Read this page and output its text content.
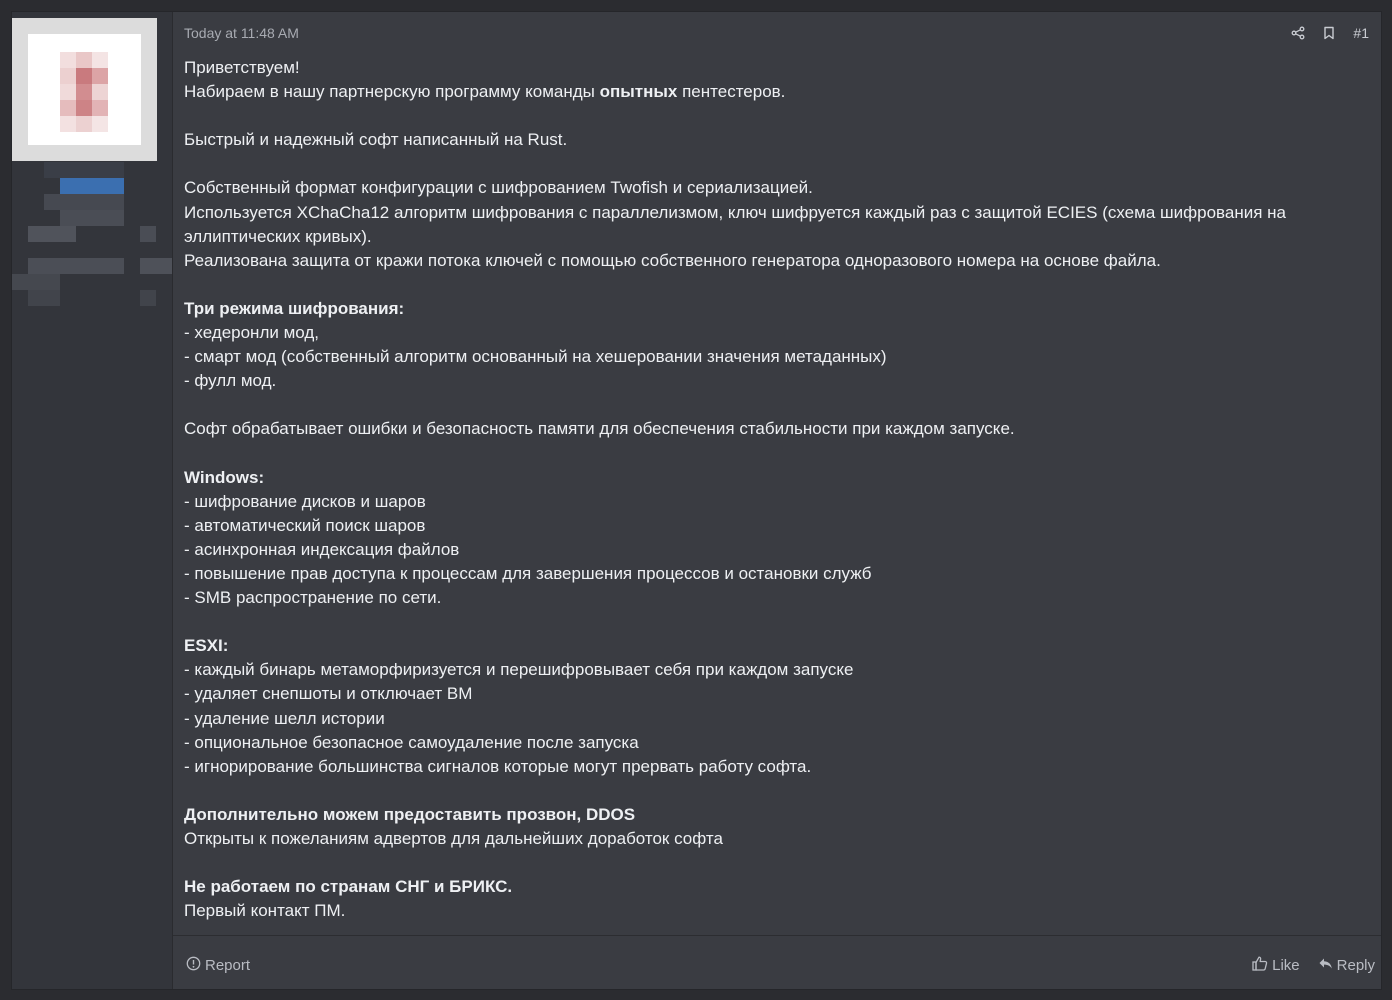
Today at 11:48 AM	#1

Приветствуем!

Набираем в нашу партнерскую программу команды опытных пентестеров.

Быстрый и надежный софт написанный на Rust.

Собственный формат конфигурации с шифрованием Twofish и сериализацией.

Используется XChaCha12 алгоритм шифрования с параллелизмом, ключ шифруется каждый раз с защитой ECIES (схема шифрования на

эллиптических кривых).

Реализована защита от кражи потока ключей с помощью собственного генератора одноразового номера на основе файла.

Три режима шифрования:

- хедеронли мод,

- смарт мод (собственный алгоритм основанный на хешеровании значения метаданных)

- фулл мод.

Софт обрабатывает ошибки и безопасность памяти для обеспечения стабильности при каждом запуске.

Windows:

- шифрование дисков и шаров

- автоматический поиск шаров

- асинхронная индексация файлов

- повышение прав доступа к процессам для завершения процессов и остановки служб

- SMB распространение по сети.

ESXI:

- каждый бинарь метаморфиризуется и перешифровывает себя при каждом запуске

- удаляет снепшоты и отключает ВМ

- удаление шелл истории

- опциональное безопасное самоудаление после запуска

- игнорирование большинства сигналов которые могут прервать работу софта.

Дополнительно можем предоставить прозвон, DDOS

Открыты к пожеланиям адвертов для дальнейших доработок софта

Не работаем по странам СНГ и БРИКС.

Первый контакт ПМ.

Report	Like Reply
